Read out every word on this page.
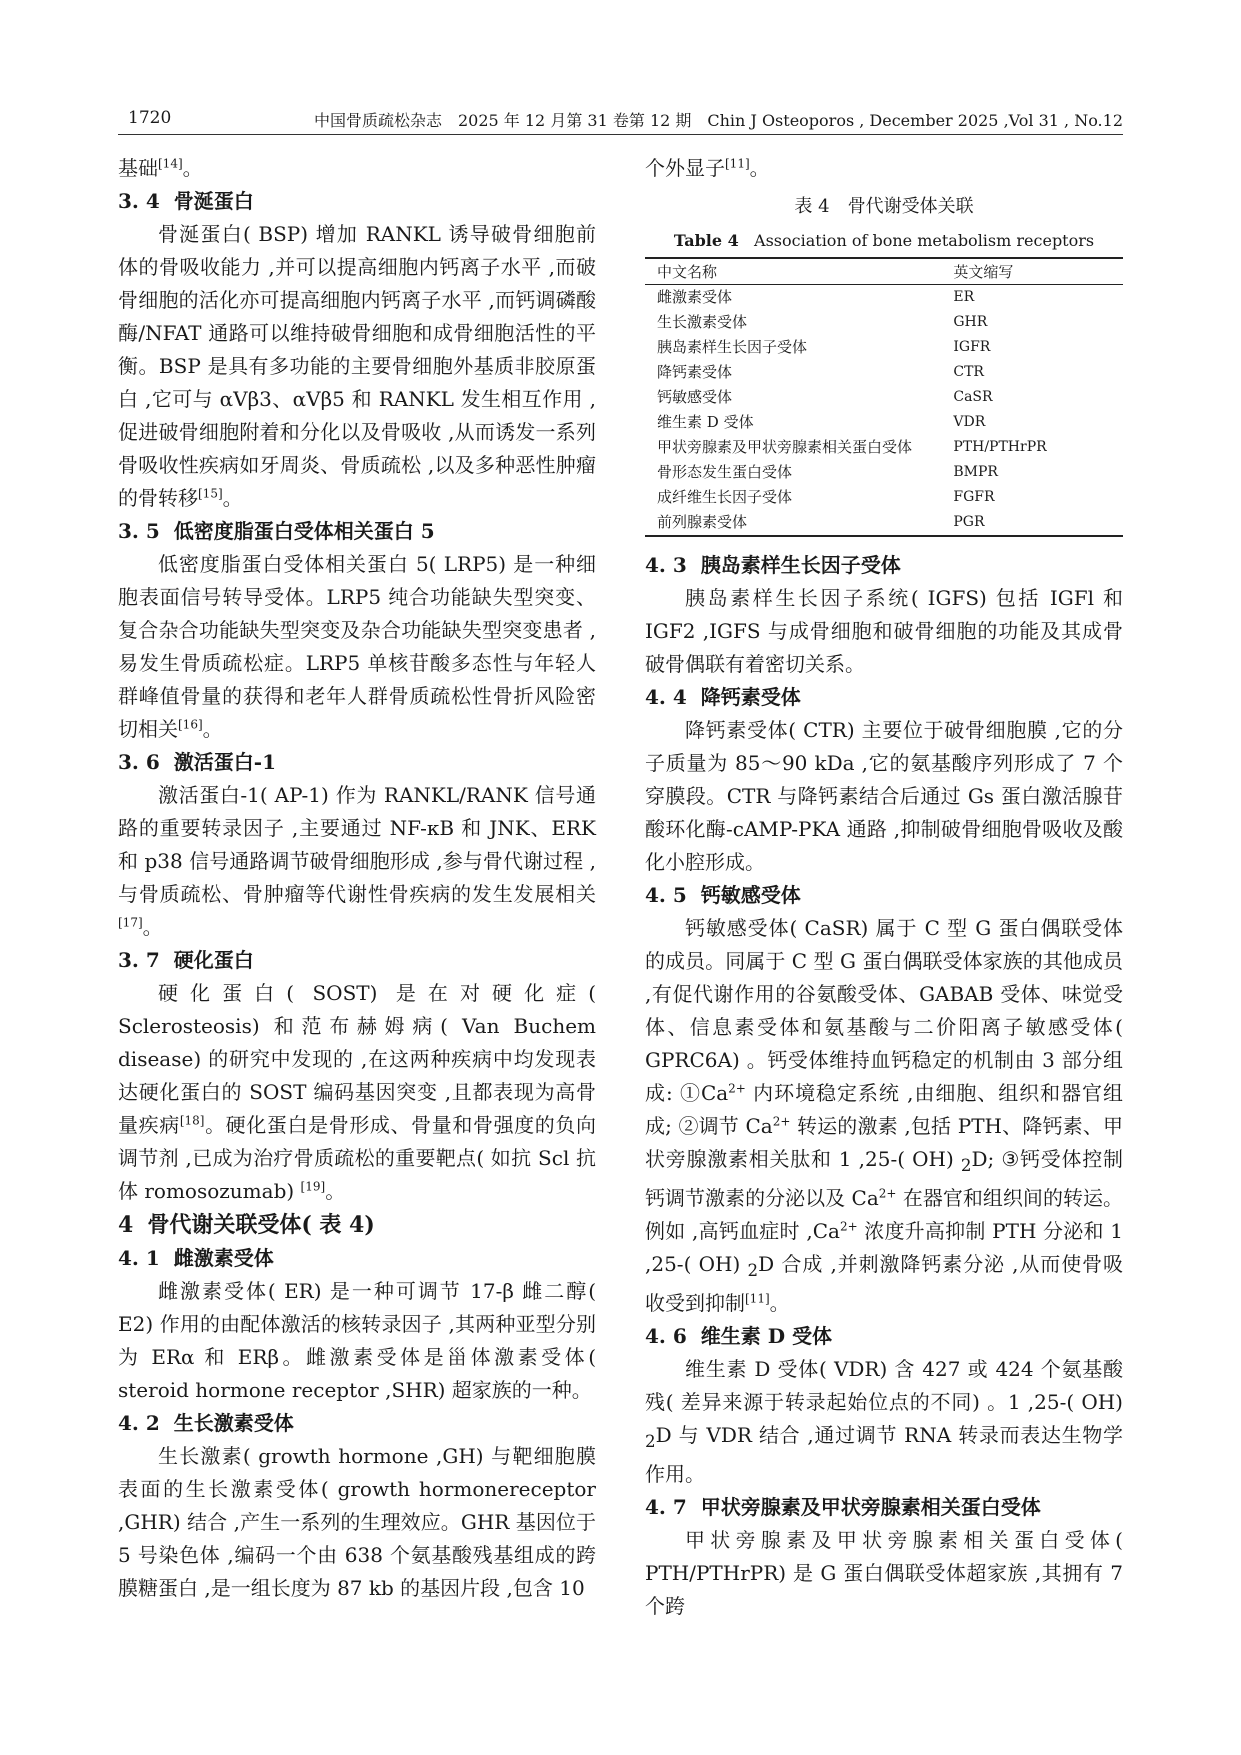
1720	中国骨质疏松杂志　2025 年 12 月第 31 卷第 12 期　Chin J Osteoporos , December 2025 ,Vol 31 , No.12

基础[14]。

3. 4 骨涎蛋白

骨涎蛋白( BSP) 增加 RANKL 诱导破骨细胞前体的骨吸收能力 ,并可以提高细胞内钙离子水平 ,而破骨细胞的活化亦可提高细胞内钙离子水平 ,而钙调磷酸酶/NFAT 通路可以维持破骨细胞和成骨细胞活性的平衡。BSP 是具有多功能的主要骨细胞外基质非胶原蛋白 ,它可与 αVβ3、αVβ5 和 RANKL 发生相互作用 ,促进破骨细胞附着和分化以及骨吸收 ,从而诱发一系列骨吸收性疾病如牙周炎、骨质疏松 ,以及多种恶性肿瘤的骨转移[15]。

3. 5 低密度脂蛋白受体相关蛋白 5

低密度脂蛋白受体相关蛋白 5( LRP5) 是一种细胞表面信号转导受体。LRP5 纯合功能缺失型突变、复合杂合功能缺失型突变及杂合功能缺失型突变患者 ,易发生骨质疏松症。LRP5 单核苷酸多态性与年轻人群峰值骨量的获得和老年人群骨质疏松性骨折风险密切相关[16]。

3. 6 激活蛋白-1

激活蛋白-1( AP-1) 作为 RANKL/RANK 信号通路的重要转录因子 ,主要通过 NF-κB 和 JNK、ERK 和 p38 信号通路调节破骨细胞形成 ,参与骨代谢过程 ,与骨质疏松、骨肿瘤等代谢性骨疾病的发生发展相关[17]。

3. 7 硬化蛋白

硬化蛋白( SOST) 是在对硬化症( Sclerosteosis) 和范布赫姆病( Van Buchem disease) 的研究中发现的 ,在这两种疾病中均发现表达硬化蛋白的 SOST 编码基因突变 ,且都表现为高骨量疾病[18]。硬化蛋白是骨形成、骨量和骨强度的负向调节剂 ,已成为治疗骨质疏松的重要靶点( 如抗 Scl 抗体 romosozumab) [19]。

4 骨代谢关联受体( 表 4)
4. 1 雌激素受体

雌激素受体( ER) 是一种可调节 17-β 雌二醇( E2) 作用的由配体激活的核转录因子 ,其两种亚型分别为 ERα 和 ERβ。雌激素受体是甾体激素受体( steroid hormone receptor ,SHR) 超家族的一种。

4. 2 生长激素受体

生长激素( growth hormone ,GH) 与靶细胞膜表面的生长激素受体( growth hormonereceptor ,GHR) 结合 ,产生一系列的生理效应。GHR 基因位于 5 号染色体 ,编码一个由 638 个氨基酸残基组成的跨膜糖蛋白 ,是一组长度为 87 kb 的基因片段 ,包含 10

个外显子[11]。

表 4　骨代谢受体关联
Table 4 Association of bone metabolism receptors
中文名称	英文缩写
雌激素受体	ER
生长激素受体	GHR
胰岛素样生长因子受体	IGFR
降钙素受体	CTR
钙敏感受体	CaSR
维生素 D 受体	VDR
甲状旁腺素及甲状旁腺素相关蛋白受体	PTH/PTHrPR
骨形态发生蛋白受体	BMPR
成纤维生长因子受体	FGFR
前列腺素受体	PGR
4. 3 胰岛素样生长因子受体

胰岛素样生长因子系统( IGFS) 包括 IGFl 和 IGF2 ,IGFS 与成骨细胞和破骨细胞的功能及其成骨破骨偶联有着密切关系。

4. 4 降钙素受体

降钙素受体( CTR) 主要位于破骨细胞膜 ,它的分子质量为 85～90 kDa ,它的氨基酸序列形成了 7 个穿膜段。CTR 与降钙素结合后通过 Gs 蛋白激活腺苷酸环化酶-cAMP-PKA 通路 ,抑制破骨细胞骨吸收及酸化小腔形成。

4. 5 钙敏感受体

钙敏感受体( CaSR) 属于 C 型 G 蛋白偶联受体的成员。同属于 C 型 G 蛋白偶联受体家族的其他成员 ,有促代谢作用的谷氨酸受体、GABAB 受体、味觉受体、信息素受体和氨基酸与二价阳离子敏感受体( GPRC6A) 。钙受体维持血钙稳定的机制由 3 部分组成: $①Ca^{2+}$ 内环境稳定系统 ,由细胞、组织和器官组成; ②调节 $Ca^{2+}$ 转运的激素 ,包括 PTH、降钙素、甲状旁腺激素相关肽和 1 ,25-( OH) $_2$D; ③钙受体控制钙调节激素的分泌以及 $Ca^{2+}$ 在器官和组织间的转运。例如 ,高钙血症时 $,Ca^{2+}$ 浓度升高抑制 PTH 分泌和 1 ,25-( OH) $_2$D 合成 ,并刺激降钙素分泌 ,从而使骨吸收受到抑制[11]。

4. 6 维生素 D 受体

维生素 D 受体( VDR) 含 427 或 424 个氨基酸残( 差异来源于转录起始位点的不同) 。1 ,25-( OH) $_2$D 与 VDR 结合 ,通过调节 RNA 转录而表达生物学作用。

4. 7 甲状旁腺素及甲状旁腺素相关蛋白受体

甲状旁腺素及甲状旁腺素相关蛋白受体( PTH/PTHrPR) 是 G 蛋白偶联受体超家族 ,其拥有 7 个跨
